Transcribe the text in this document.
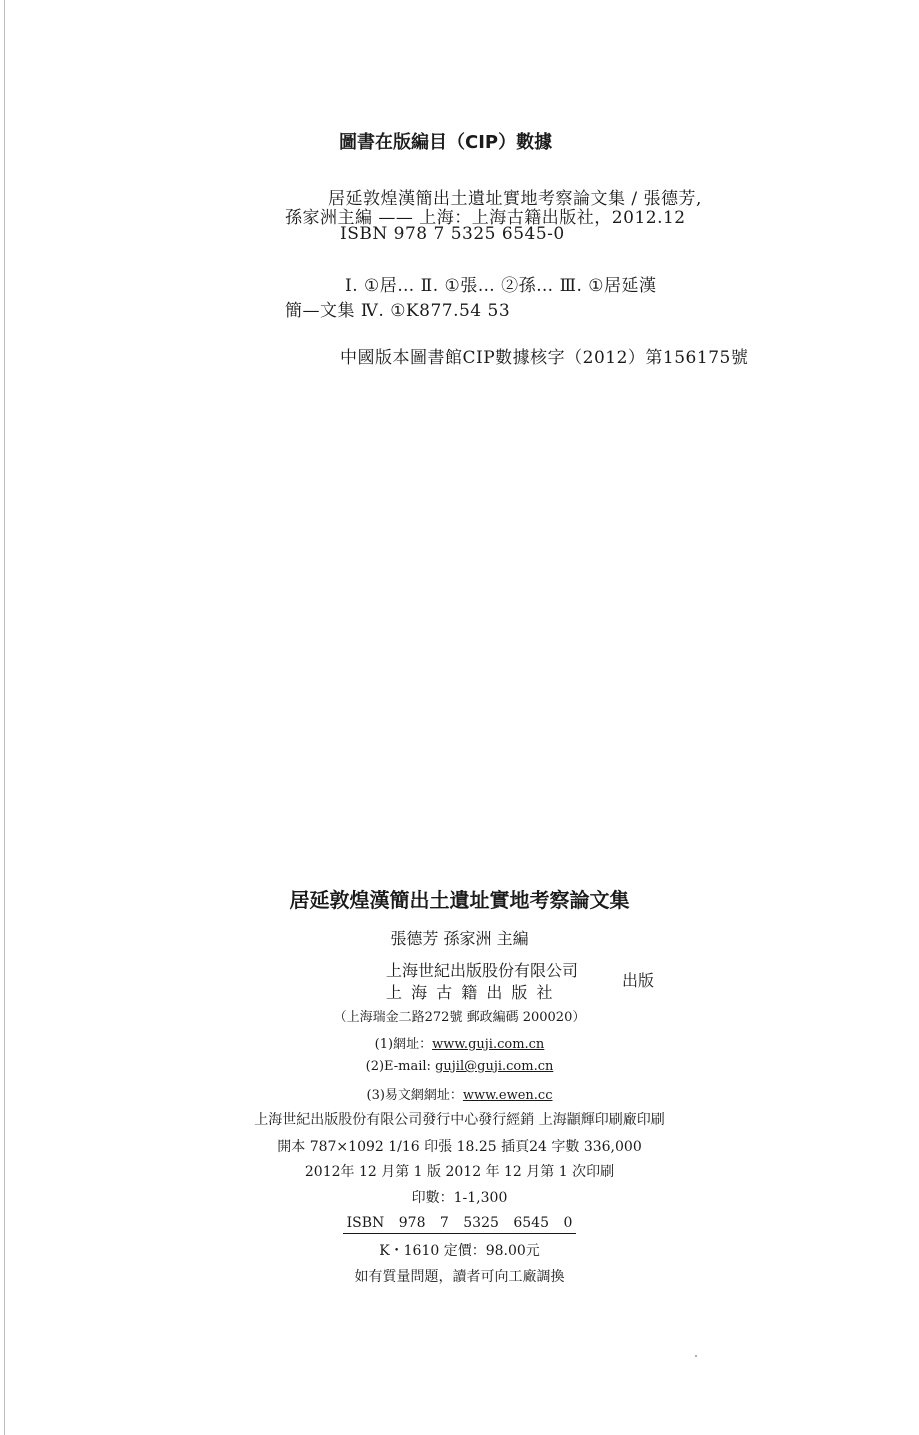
圖書在版編目（CIP）數據
居延敦煌漢簡出土遺址實地考察論文集 / 張德芳,
孫家洲主編 —— 上海：上海古籍出版社，2012.12
ISBN 978 7 5325 6545-0
Ⅰ. ①居… Ⅱ. ①張… ②孫… Ⅲ. ①居延漢
簡—文集 Ⅳ. ①K877.54 53
中國版本圖書館CIP數據核字（2012）第156175號
居延敦煌漢簡出土遺址實地考察論文集
張德芳 孫家洲 主編
上海世紀出版股份有限公司
上 海 古 籍 出 版 社
出版
（上海瑞金二路272號 郵政編碼 200020）
(1)網址：www.guji.com.cn
(2)E-mail: gujil@guji.com.cn
(3)易文網網址：www.ewen.cc
上海世紀出版股份有限公司發行中心發行經銷 上海顓輝印刷廠印刷
開本 787×1092 1/16 印張 18.25 插頁24 字數 336,000
2012年 12 月第 1 版 2012 年 12 月第 1 次印刷
印數：1-1,300
ISBN 978 7 5325 6545 0
K・1610 定價：98.00元
如有質量問題，讀者可向工廠調換
